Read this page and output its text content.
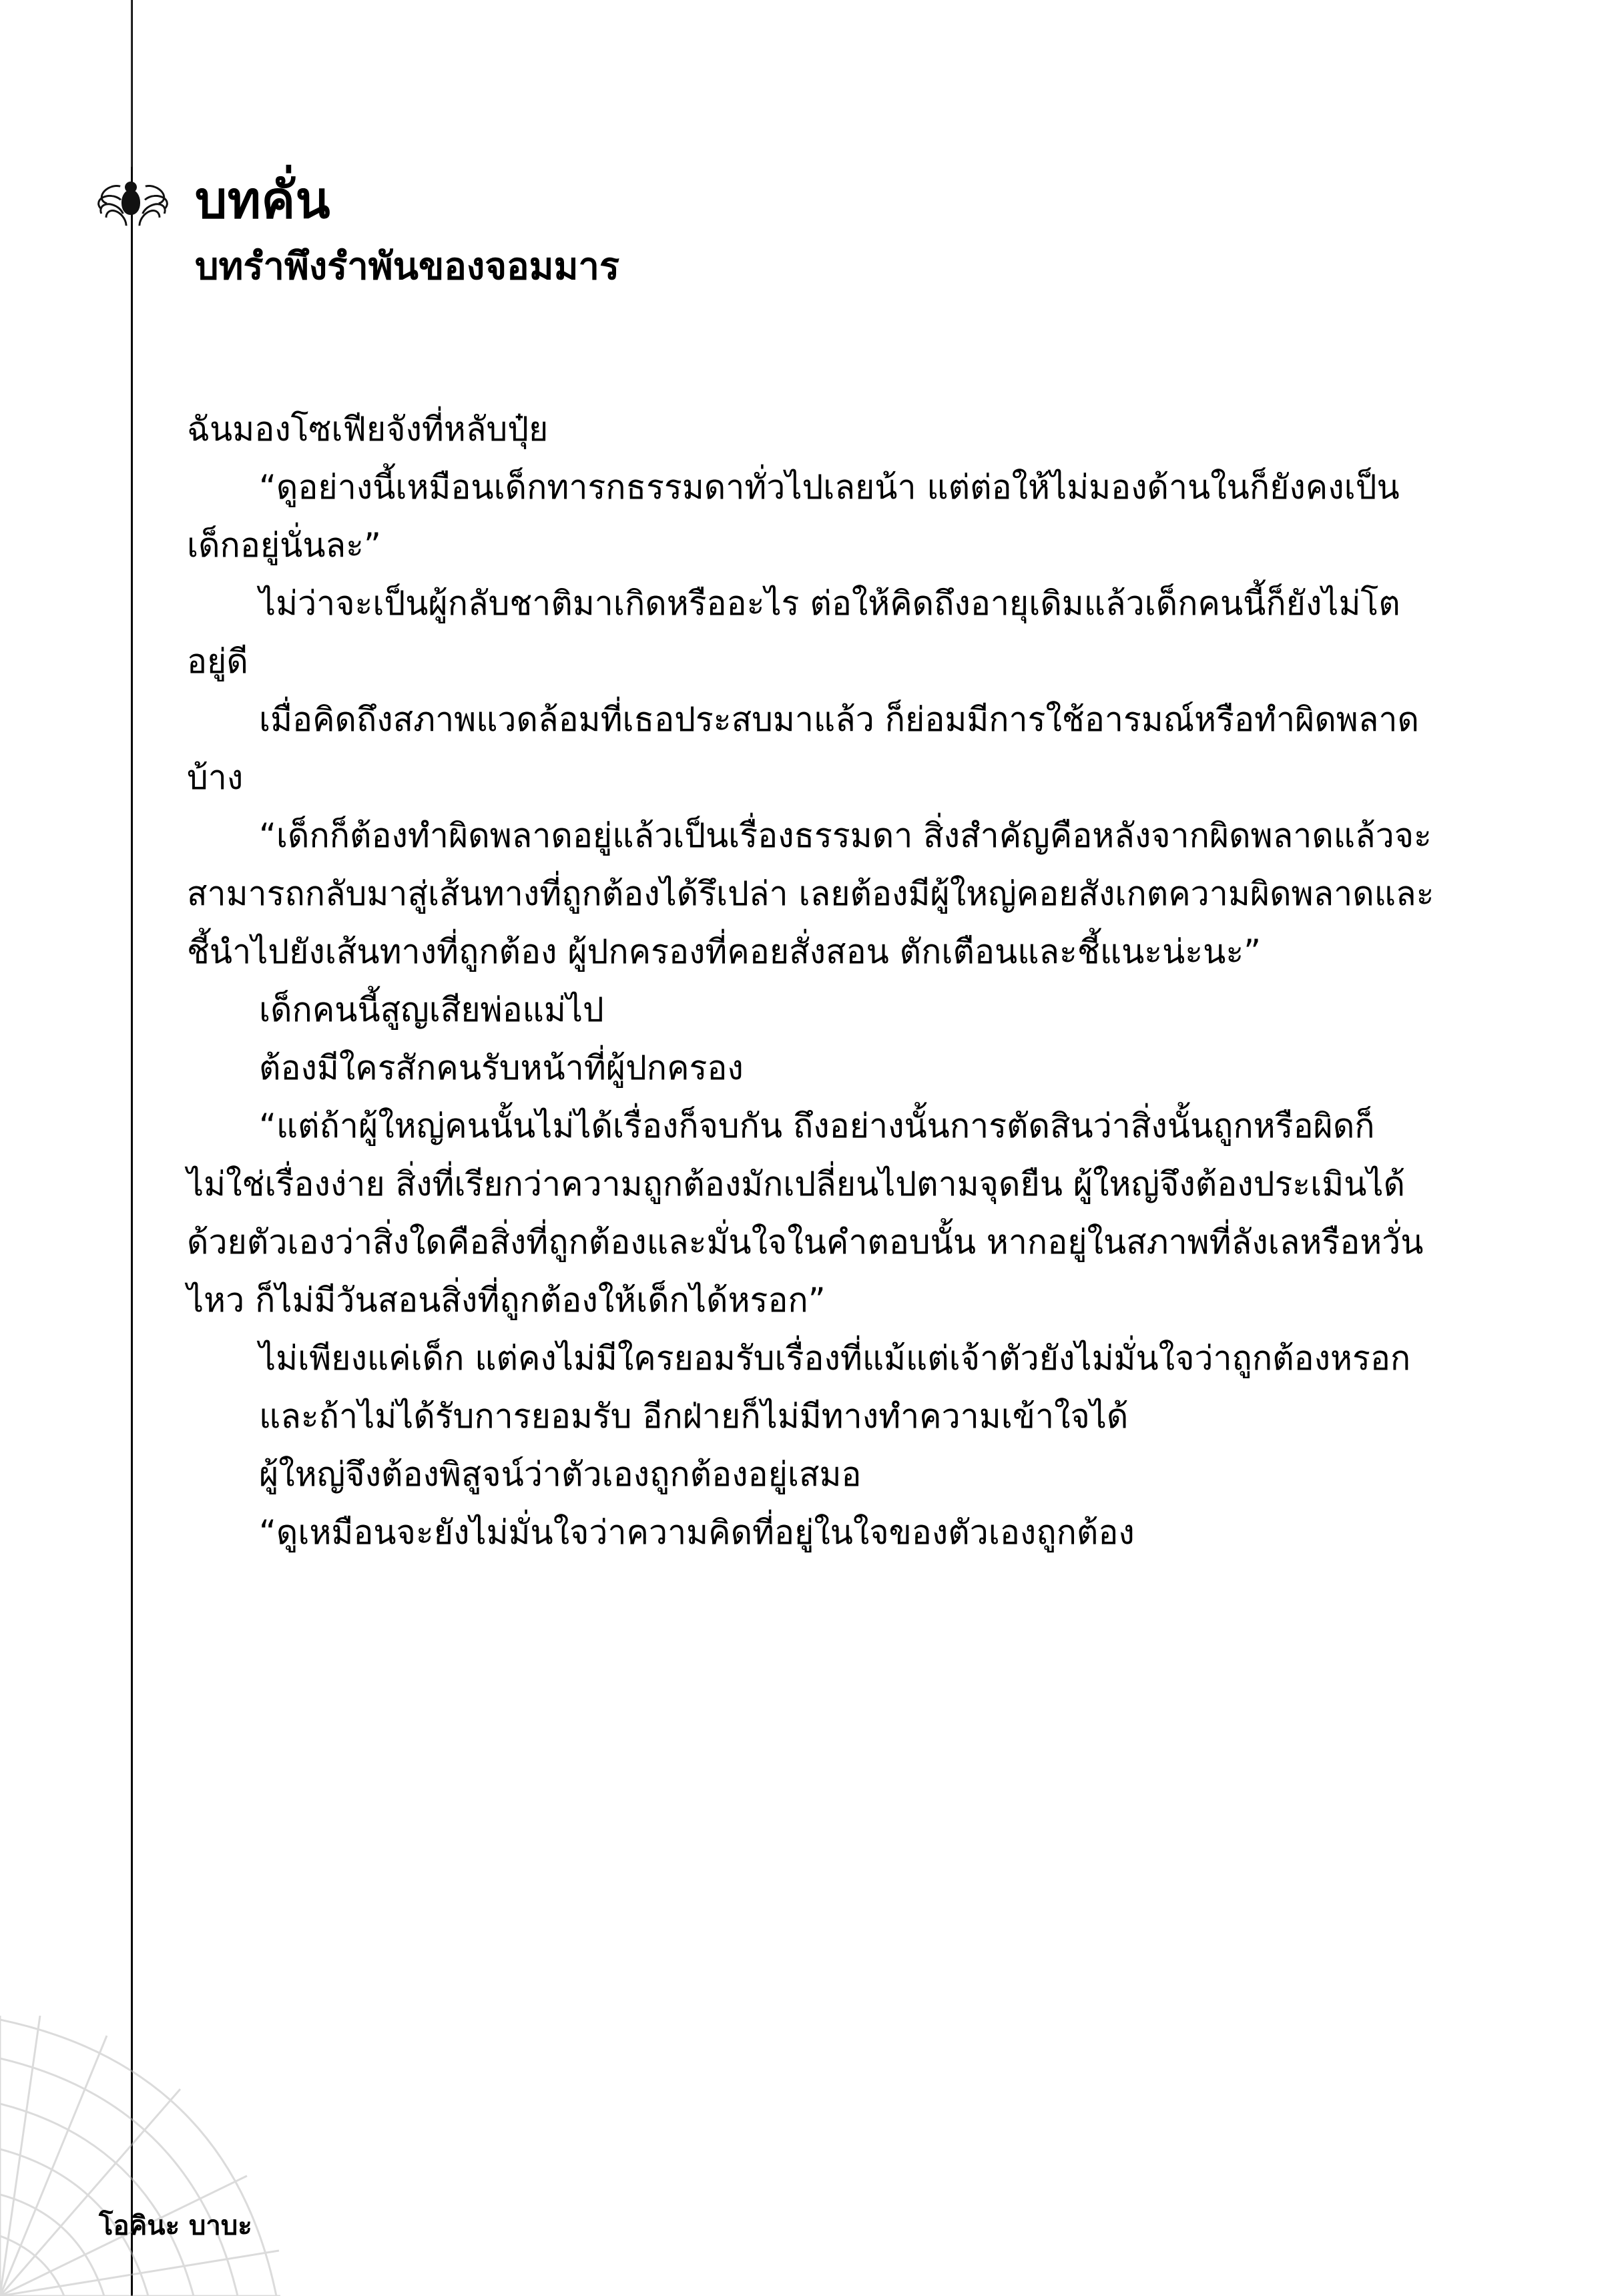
บทคั่น
บทรำพึงรำพันของจอมมาร

ฉันมองโซเฟียจังที่หลับปุ๋ย

“ดูอย่างนี้เหมือนเด็กทารกธรรมดาทั่วไปเลยน้า แต่ต่อให้ไม่มองด้านในก็ยังคงเป็นเด็กอยู่นั่นละ”

ไม่ว่าจะเป็นผู้กลับชาติมาเกิดหรืออะไร ต่อให้คิดถึงอายุเดิมแล้วเด็กคนนี้ก็ยังไม่โตอยู่ดี

เมื่อคิดถึงสภาพแวดล้อมที่เธอประสบมาแล้ว ก็ย่อมมีการใช้อารมณ์หรือทำผิดพลาดบ้าง

“เด็กก็ต้องทำผิดพลาดอยู่แล้วเป็นเรื่องธรรมดา สิ่งสำคัญคือหลังจากผิดพลาดแล้วจะสามารถกลับมาสู่เส้นทางที่ถูกต้องได้รึเปล่า เลยต้องมีผู้ใหญ่คอยสังเกตความผิดพลาดและชี้นำไปยังเส้นทางที่ถูกต้อง ผู้ปกครองที่คอยสั่งสอน ตักเตือนและชี้แนะน่ะนะ”

เด็กคนนี้สูญเสียพ่อแม่ไป

ต้องมีใครสักคนรับหน้าที่ผู้ปกครอง

“แต่ถ้าผู้ใหญ่คนนั้นไม่ได้เรื่องก็จบกัน ถึงอย่างนั้นการตัดสินว่าสิ่งนั้นถูกหรือผิดก็ไม่ใช่เรื่องง่าย สิ่งที่เรียกว่าความถูกต้องมักเปลี่ยนไปตามจุดยืน ผู้ใหญ่จึงต้องประเมินได้ด้วยตัวเองว่าสิ่งใดคือสิ่งที่ถูกต้องและมั่นใจในคำตอบนั้น หากอยู่ในสภาพที่ลังเลหรือหวั่นไหว ก็ไม่มีวันสอนสิ่งที่ถูกต้องให้เด็กได้หรอก”

ไม่เพียงแค่เด็ก แต่คงไม่มีใครยอมรับเรื่องที่แม้แต่เจ้าตัวยังไม่มั่นใจว่าถูกต้องหรอก

และถ้าไม่ได้รับการยอมรับ อีกฝ่ายก็ไม่มีทางทำความเข้าใจได้

ผู้ใหญ่จึงต้องพิสูจน์ว่าตัวเองถูกต้องอยู่เสมอ

“ดูเหมือนจะยังไม่มั่นใจว่าความคิดที่อยู่ในใจของตัวเองถูกต้อง

โอคินะ บาบะ
